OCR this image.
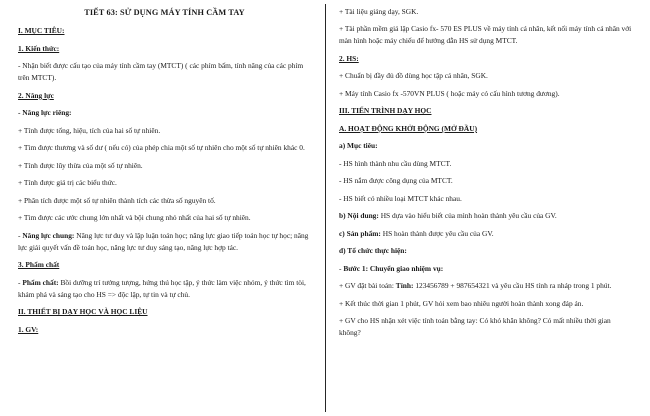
TIẾT 63: SỬ DỤNG MÁY TÍNH CẦM TAY

I. MỤC TIÊU:

1. Kiến thức:

- Nhận biết được cấu tạo của máy tính cầm tay (MTCT) ( các phím bấm, tính năng của các phím trên MTCT).

2. Năng lực

- Năng lực riêng:

+ Tính được tổng, hiệu, tích của hai số tự nhiên.

+ Tìm được thương và số dư ( nếu có) của phép chia một số tự nhiên cho một số tự nhiên khác 0.

+ Tính được lũy thừa của một số tự nhiên.

+ Tính được giá trị các biểu thức.

+ Phân tích được một số tự nhiên thành tích các thừa số nguyên tố.

+ Tìm được các ước chung lớn nhất và bội chung nhỏ nhất của hai số tự nhiên.

- Năng lực chung: Năng lực tư duy và lập luận toán học; năng lực giao tiếp toán học tự học; năng lực giải quyết vấn đề toán học, năng lực tư duy sáng tạo, năng lực hợp tác.

3. Phẩm chất

- Phẩm chất: Bồi dưỡng trí tưởng tượng, hứng thú học tập, ý thức làm việc nhóm, ý thức tìm tòi, khám phá và sáng tạo cho HS => độc lập, tự tin và tự chủ.

II. THIẾT BỊ DẠY HỌC VÀ HỌC LIỆU

1. GV:

+ Tài liệu giảng dạy, SGK.

+ Tài phần mềm giả lập Casio fx- 570 ES PLUS về máy tính cá nhân, kết nối máy tính cá nhân với màn hình hoặc máy chiếu để hướng dẫn HS sử dụng MTCT.

2. HS:

+ Chuẩn bị đầy đủ đồ dùng học tập cá nhân, SGK.

+ Máy tính Casio fx -570VN PLUS ( hoặc máy có cấu hình tương đương).

III. TIẾN TRÌNH DẠY HỌC

A. HOẠT ĐỘNG KHỞI ĐỘNG (MỞ ĐẦU)

a) Mục tiêu:

- HS hình thành nhu cầu dùng MTCT.

- HS nắm được công dụng của MTCT.

- HS biết có nhiều loại MTCT khác nhau.

b) Nội dung: HS dựa vào hiểu biết của mình hoàn thành yêu cầu của GV.

c) Sản phẩm: HS hoàn thành được yêu cầu của GV.

d) Tổ chức thực hiện:

- Bước 1: Chuyển giao nhiệm vụ:

+ GV đặt bài toán: Tính: 123456789 + 987654321 và yêu cầu HS tính ra nháp trong 1 phút.

+ Kết thúc thời gian 1 phút, GV hỏi xem bao nhiêu người hoàn thành xong đáp án.

+ GV cho HS nhận xét việc tính toán bằng tay: Có khó khăn không? Có mất nhiều thời gian không?
